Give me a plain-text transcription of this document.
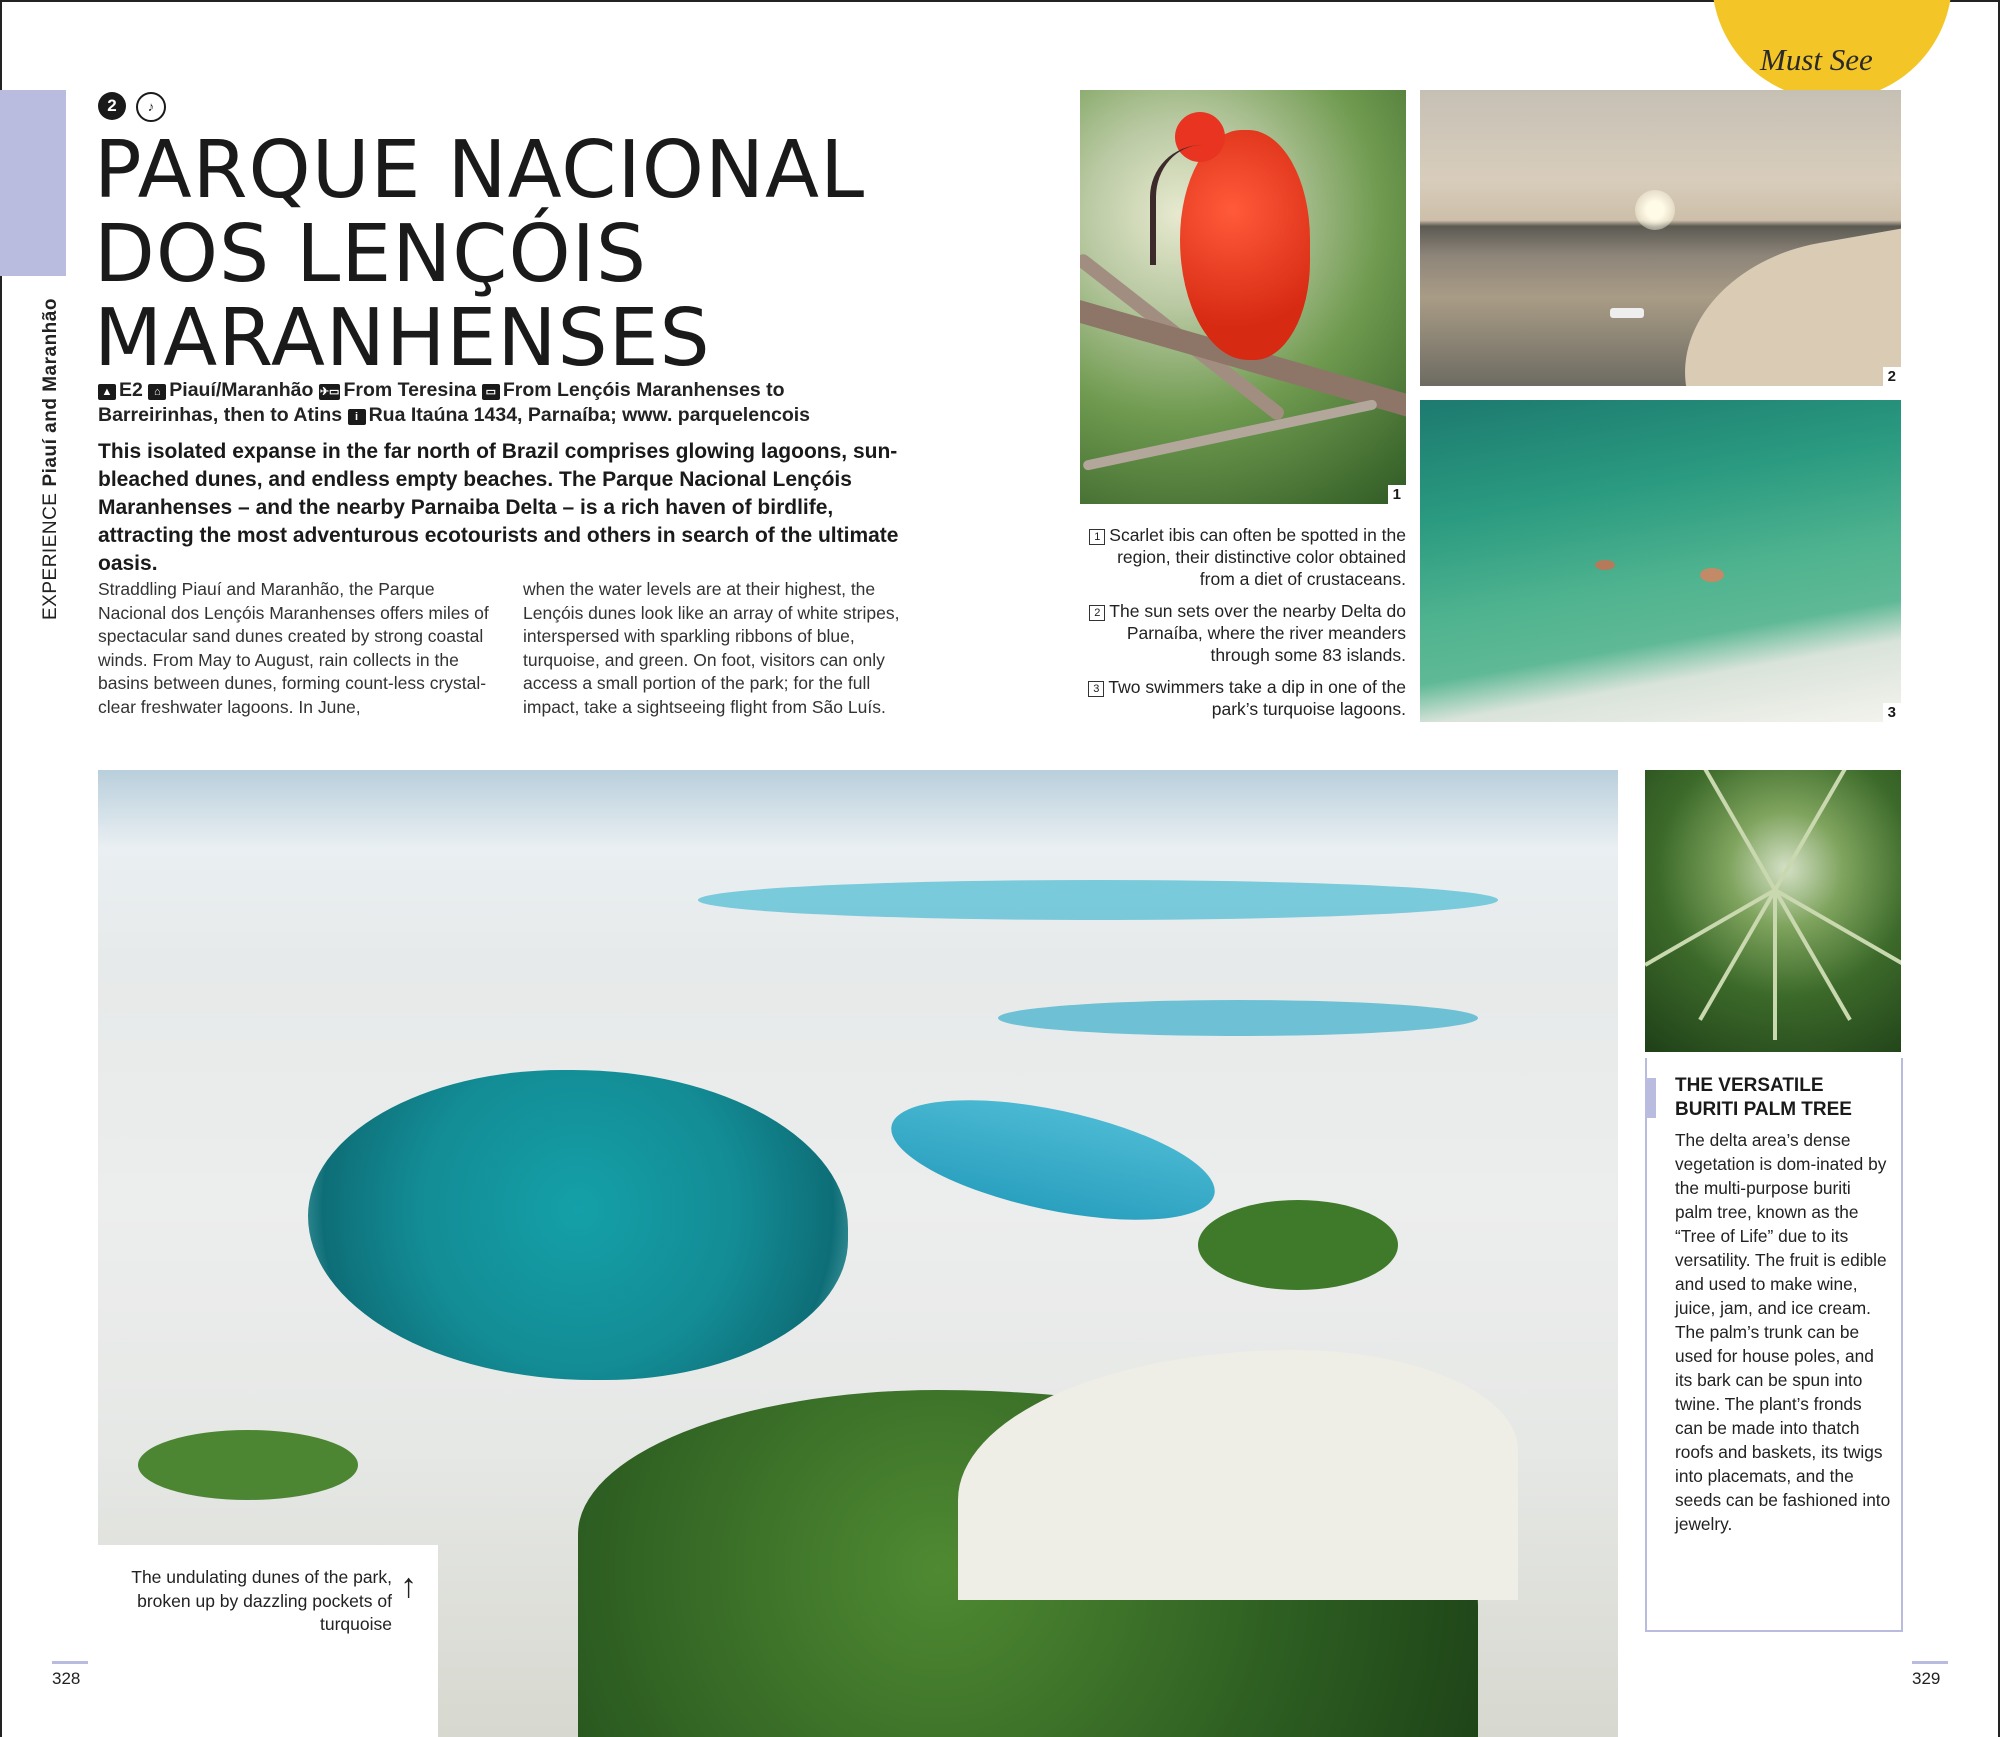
EXPERIENCEPiauí and Maranhão
Must See
2	♪
PARQUE NACIONAL
DOS LENÇÓIS
MARANHENSES
▲ E2 ⌂ Piauí/Maranhão ✈▭ From Teresina ▭ From Lençóis Maranhenses to
Barreirinhas, then to Atins i Rua Itaúna 1434, Parnaíba; www. parquelencois
This isolated expanse in the far north of Brazil comprises glowing lagoons, sun-bleached dunes, and endless empty beaches. The Parque Nacional Lençóis Maranhenses – and the nearby Parnaiba Delta – is a rich haven of birdlife, attracting the most adventurous ecotourists and others in search of the ultimate oasis.
Straddling Piauí and Maranhão, the Parque Nacional dos Lençóis Maranhenses offers miles of spectacular sand dunes created by strong coastal winds. From May to August, rain collects in the basins between dunes, forming count-less crystal-clear freshwater lagoons. In June,
when the water levels are at their highest, the Lençóis dunes look like an array of white stripes, interspersed with sparkling ribbons of blue, turquoise, and green. On foot, visitors can only access a small portion of the park; for the full impact, take a sightseeing flight from São Luís.
1
2
3

1 Scarlet ibis can often be spotted in the region, their distinctive color obtained from a diet of crustaceans.

2 The sun sets over the nearby Delta do Parnaíba, where the river meanders through some 83 islands.

3 Two swimmers take a dip in one of the park’s turquoise lagoons.

The undulating dunes of the park, broken up by dazzling pockets of turquoise
↑
THE VERSATILE
BURITI PALM TREE
The delta area’s dense vegetation is dom-inated by the multi-purpose buriti palm tree, known as the “Tree of Life” due to its versatility. The fruit is edible and used to make wine, juice, jam, and ice cream. The palm’s trunk can be used for house poles, and its bark can be spun into twine. The plant’s fronds can be made into thatch roofs and baskets, its twigs into placemats, and the seeds can be fashioned into jewelry.
328	329
